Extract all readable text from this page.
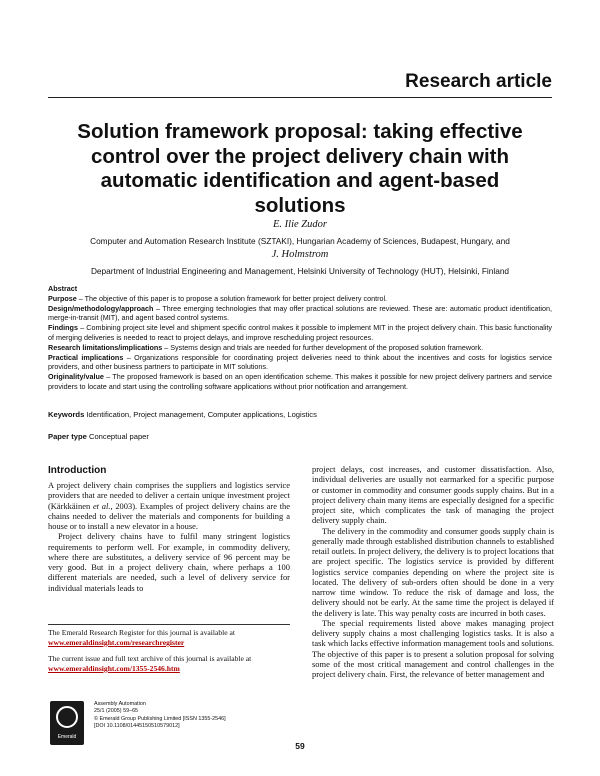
Research article
Solution framework proposal: taking effective control over the project delivery chain with automatic identification and agent-based solutions
E. Ilie Zudor
Computer and Automation Research Institute (SZTAKI), Hungarian Academy of Sciences, Budapest, Hungary, and
J. Holmstrom
Department of Industrial Engineering and Management, Helsinki University of Technology (HUT), Helsinki, Finland

Abstract

Purpose – The objective of this paper is to propose a solution framework for better project delivery control.

Design/methodology/approach – Three emerging technologies that may offer practical solutions are reviewed. These are: automatic product identification, merge-in-transit (MIT), and agent based control systems.

Findings – Combining project site level and shipment specific control makes it possible to implement MIT in the project delivery chain. This basic functionality of merging deliveries is needed to react to project delays, and improve rescheduling project resources.

Research limitations/implications – Systems design and trials are needed for further development of the proposed solution framework.

Practical implications – Organizations responsible for coordinating project deliveries need to think about the incentives and costs for logistics service providers, and other business partners to participate in MIT solutions.

Originality/value – The proposed framework is based on an open identification scheme. This makes it possible for new project delivery partners and service providers to locate and start using the controlling software applications without prior notification and arrangement.

Keywords Identification, Project management, Computer applications, Logistics
Paper type Conceptual paper
Introduction

A project delivery chain comprises the suppliers and logistics service providers that are needed to deliver a certain unique investment project (Kärkkäinen et al., 2003). Examples of project delivery chains are the chains needed to deliver the materials and components for building a house or to install a new elevator in a house.

Project delivery chains have to fulfil many stringent logistics requirements to perform well. For example, in commodity delivery, where there are substitutes, a delivery service of 96 percent may be very good. But in a project delivery chain, where perhaps a 100 different materials are needed, such a level of delivery service for individual materials leads to

project delays, cost increases, and customer dissatisfaction. Also, individual deliveries are usually not earmarked for a specific purpose or customer in commodity and consumer goods supply chains. But in a project delivery chain many items are especially designed for a specific project site, which complicates the task of managing the project delivery supply chain.

The delivery in the commodity and consumer goods supply chain is generally made through established distribution channels to established retail outlets. In project delivery, the delivery is to project locations that are project specific. The logistics service is provided by different logistics service companies depending on where the project site is located. The delivery of sub-orders often should be done in a very narrow time window. To reduce the risk of damage and loss, the delivery should not be early. At the same time the project is delayed if the delivery is late. This way penalty costs are incurred in both cases.

The special requirements listed above makes managing project delivery supply chains a most challenging logistics tasks. It is also a task which lacks effective information management tools and solutions. The objective of this paper is to present a solution proposal for solving some of the most critical management and control challenges in the project delivery chain. First, the relevance of better management and

The Emerald Research Register for this journal is available at
www.emeraldinsight.com/researchregister
The current issue and full text archive of this journal is available at
www.emeraldinsight.com/1355-2546.htm
Emerald
Assembly Automation
25/1 (2005) 59–65
© Emerald Group Publishing Limited [ISSN 1355-2546]
[DOI 10.1108/01445150510579012]
59
